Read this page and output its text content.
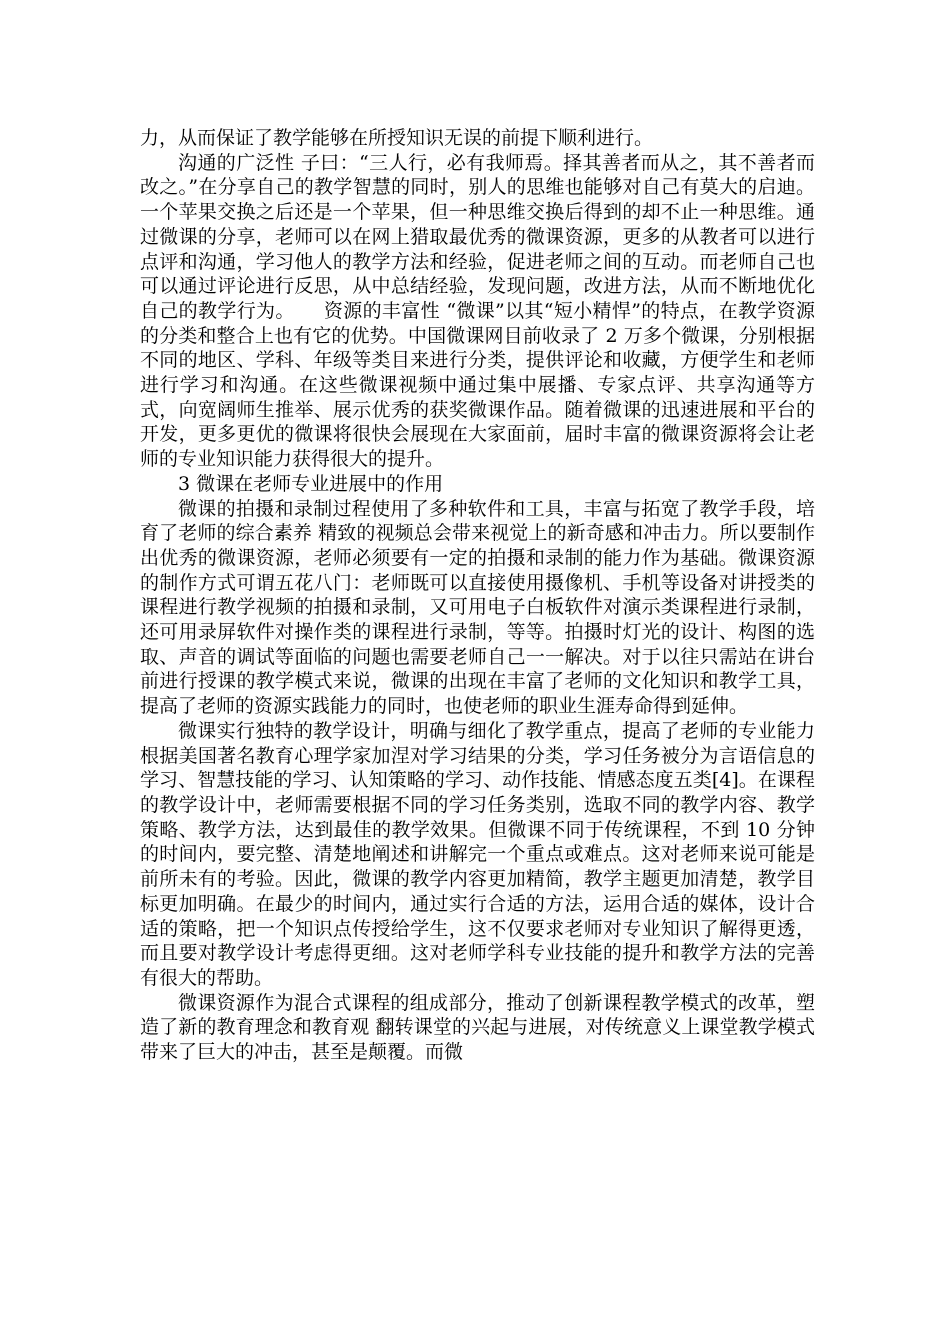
力，从而保证了教学能够在所授知识无误的前提下顺利进行。

沟通的广泛性 子曰：“三人行，必有我师焉。择其善者而从之，其不善者而改之。”在分享自己的教学智慧的同时，别人的思维也能够对自己有莫大的启迪。一个苹果交换之后还是一个苹果，但一种思维交换后得到的却不止一种思维。通过微课的分享，老师可以在网上猎取最优秀的微课资源，更多的从教者可以进行点评和沟通，学习他人的教学方法和经验，促进老师之间的互动。而老师自己也可以通过评论进行反思，从中总结经验，发现问题，改进方法，从而不断地优化自己的教学行为。　　资源的丰富性 “微课”以其“短小精悍”的特点，在教学资源的分类和整合上也有它的优势。中国微课网目前收录了 2 万多个微课，分别根据不同的地区、学科、年级等类目来进行分类，提供评论和收藏，方便学生和老师进行学习和沟通。在这些微课视频中通过集中展播、专家点评、共享沟通等方式，向宽阔师生推举、展示优秀的获奖微课作品。随着微课的迅速进展和平台的开发，更多更优的微课将很快会展现在大家面前，届时丰富的微课资源将会让老师的专业知识能力获得很大的提升。

3 微课在老师专业进展中的作用

微课的拍摄和录制过程使用了多种软件和工具，丰富与拓宽了教学手段，培育了老师的综合素养 精致的视频总会带来视觉上的新奇感和冲击力。所以要制作出优秀的微课资源，老师必须要有一定的拍摄和录制的能力作为基础。微课资源的制作方式可谓五花八门：老师既可以直接使用摄像机、手机等设备对讲授类的课程进行教学视频的拍摄和录制，又可用电子白板软件对演示类课程进行录制，还可用录屏软件对操作类的课程进行录制，等等。拍摄时灯光的设计、构图的选取、声音的调试等面临的问题也需要老师自己一一解决。对于以往只需站在讲台前进行授课的教学模式来说，微课的出现在丰富了老师的文化知识和教学工具，提高了老师的资源实践能力的同时，也使老师的职业生涯寿命得到延伸。

微课实行独特的教学设计，明确与细化了教学重点，提高了老师的专业能力 根据美国著名教育心理学家加涅对学习结果的分类，学习任务被分为言语信息的学习、智慧技能的学习、认知策略的学习、动作技能、情感态度五类[4]。在课程的教学设计中，老师需要根据不同的学习任务类别，选取不同的教学内容、教学策略、教学方法，达到最佳的教学效果。但微课不同于传统课程，不到 10 分钟的时间内，要完整、清楚地阐述和讲解完一个重点或难点。这对老师来说可能是前所未有的考验。因此，微课的教学内容更加精简，教学主题更加清楚，教学目标更加明确。在最少的时间内，通过实行合适的方法，运用合适的媒体，设计合适的策略，把一个知识点传授给学生，这不仅要求老师对专业知识了解得更透，而且要对教学设计考虑得更细。这对老师学科专业技能的提升和教学方法的完善有很大的帮助。

微课资源作为混合式课程的组成部分，推动了创新课程教学模式的改革，塑造了新的教育理念和教育观 翻转课堂的兴起与进展，对传统意义上课堂教学模式带来了巨大的冲击，甚至是颠覆。而微
